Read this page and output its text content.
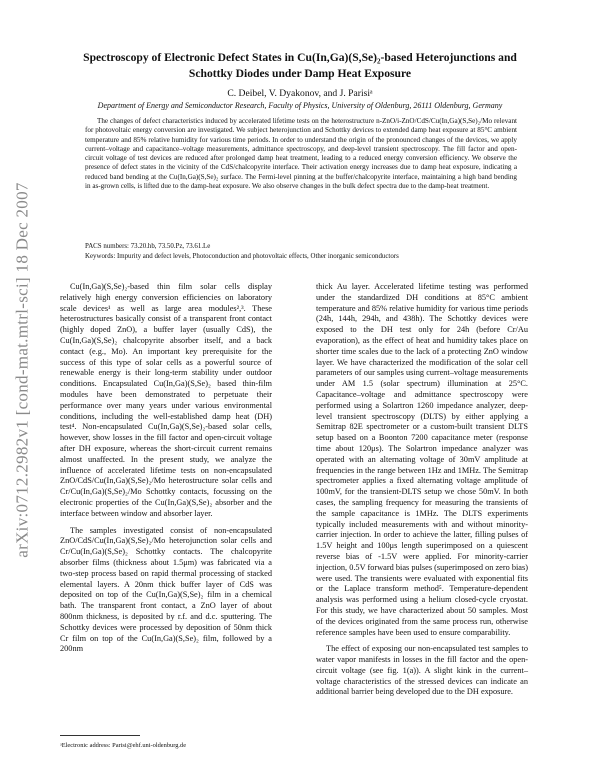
arXiv:0712.2982v1 [cond-mat.mtrl-sci] 18 Dec 2007
Spectroscopy of Electronic Defect States in Cu(In,Ga)(S,Se)₂-based Heterojunctions and Schottky Diodes under Damp Heat Exposure
C. Deibel, V. Dyakonov, and J. Parisiᵃ
Department of Energy and Semiconductor Research, Faculty of Physics, University of Oldenburg, 26111 Oldenburg, Germany

The changes of defect characteristics induced by accelerated lifetime tests on the heterostructure n-ZnO/i-ZnO/CdS/Cu(In,Ga)(S,Se)₂/Mo relevant for photovoltaic energy conversion are investigated. We subject heterojunction and Schottky devices to extended damp heat exposure at 85°C ambient temperature and 85% relative humidity for various time periods. In order to understand the origin of the pronounced changes of the devices, we apply current–voltage and capacitance–voltage measurements, admittance spectroscopy, and deep-level transient spectroscopy. The fill factor and open-circuit voltage of test devices are reduced after prolonged damp heat treatment, leading to a reduced energy conversion efficiency. We observe the presence of defect states in the vicinity of the CdS/chalcopyrite interface. Their activation energy increases due to damp heat exposure, indicating a reduced band bending at the Cu(In,Ga)(S,Se)₂ surface. The Fermi-level pinning at the buffer/chalcopyrite interface, maintaining a high band bending in as-grown cells, is lifted due to the damp-heat exposure. We also observe changes in the bulk defect spectra due to the damp-heat treatment.

PACS numbers: 73.20.hb, 73.50.Pz, 73.61.Le
Keywords: Impurity and defect levels, Photoconduction and photovoltaic effects, Other inorganic semiconductors

Cu(In,Ga)(S,Se)₂-based thin film solar cells display relatively high energy conversion efficiencies on laboratory scale devices¹ as well as large area modules²,³. These heterostructures basically consist of a transparent front contact (highly doped ZnO), a buffer layer (usually CdS), the Cu(In,Ga)(S,Se)₂ chalcopyrite absorber itself, and a back contact (e.g., Mo). An important key prerequisite for the success of this type of solar cells as a powerful source of renewable energy is their long-term stability under outdoor conditions. Encapsulated Cu(In,Ga)(S,Se)₂ based thin-film modules have been demonstrated to perpetuate their performance over many years under various environmental conditions, including the well-established damp heat (DH) test⁴. Non-encapsulated Cu(In,Ga)(S,Se)₂-based solar cells, however, show losses in the fill factor and open-circuit voltage after DH exposure, whereas the short-circuit current remains almost unaffected. In the present study, we analyze the influence of accelerated lifetime tests on non-encapsulated ZnO/CdS/Cu(In,Ga)(S,Se)₂/Mo heterostructure solar cells and Cr/Cu(In,Ga)(S,Se)₂/Mo Schottky contacts, focussing on the electronic properties of the Cu(In,Ga)(S,Se)₂ absorber and the interface between window and absorber layer.

The samples investigated consist of non-encapsulated ZnO/CdS/Cu(In,Ga)(S,Se)₂/Mo heterojunction solar cells and Cr/Cu(In,Ga)(S,Se)₂ Schottky contacts. The chalcopyrite absorber films (thickness about 1.5μm) was fabricated via a two-step process based on rapid thermal processing of stacked elemental layers. A 20nm thick buffer layer of CdS was deposited on top of the Cu(In,Ga)(S,Se)₂ film in a chemical bath. The transparent front contact, a ZnO layer of about 800nm thickness, is deposited by r.f. and d.c. sputtering. The Schottky devices were processed by deposition of 50nm thick Cr film on top of the Cu(In,Ga)(S,Se)₂ film, followed by a 200nm

thick Au layer. Accelerated lifetime testing was performed under the standardized DH conditions at 85°C ambient temperature and 85% relative humidity for various time periods (24h, 144h, 294h, and 438h). The Schottky devices were exposed to the DH test only for 24h (before Cr/Au evaporation), as the effect of heat and humidity takes place on shorter time scales due to the lack of a protecting ZnO window layer. We have characterized the modification of the solar cell parameters of our samples using current–voltage measurements under AM 1.5 (solar spectrum) illumination at 25°C. Capacitance–voltage and admittance spectroscopy were performed using a Solartron 1260 impedance analyzer, deep-level transient spectroscopy (DLTS) by either applying a Semitrap 82E spectrometer or a custom-built transient DLTS setup based on a Boonton 7200 capacitance meter (response time about 120μs). The Solartron impedance analyzer was operated with an alternating voltage of 30mV amplitude at frequencies in the range between 1Hz and 1MHz. The Semitrap spectrometer applies a fixed alternating voltage amplitude of 100mV, for the transient-DLTS setup we chose 50mV. In both cases, the sampling frequency for measuring the transients of the sample capacitance is 1MHz. The DLTS experiments typically included measurements with and without minority-carrier injection. In order to achieve the latter, filling pulses of 1.5V height and 100μs length superimposed on a quiescent reverse bias of -1.5V were applied. For minority-carrier injection, 0.5V forward bias pulses (superimposed on zero bias) were used. The transients were evaluated with exponential fits or the Laplace transform method⁵. Temperature-dependent analysis was performed using a helium closed-cycle cryostat. For this study, we have characterized about 50 samples. Most of the devices originated from the same process run, otherwise reference samples have been used to ensure comparability.

The effect of exposing our non-encapsulated test samples to water vapor manifests in losses in the fill factor and the open-circuit voltage (see fig. 1(a)). A slight kink in the current–voltage characteristics of the stressed devices can indicate an additional barrier being developed due to the DH exposure.

ᵃElectronic address: Parisi@ehf.uni-oldenburg.de
